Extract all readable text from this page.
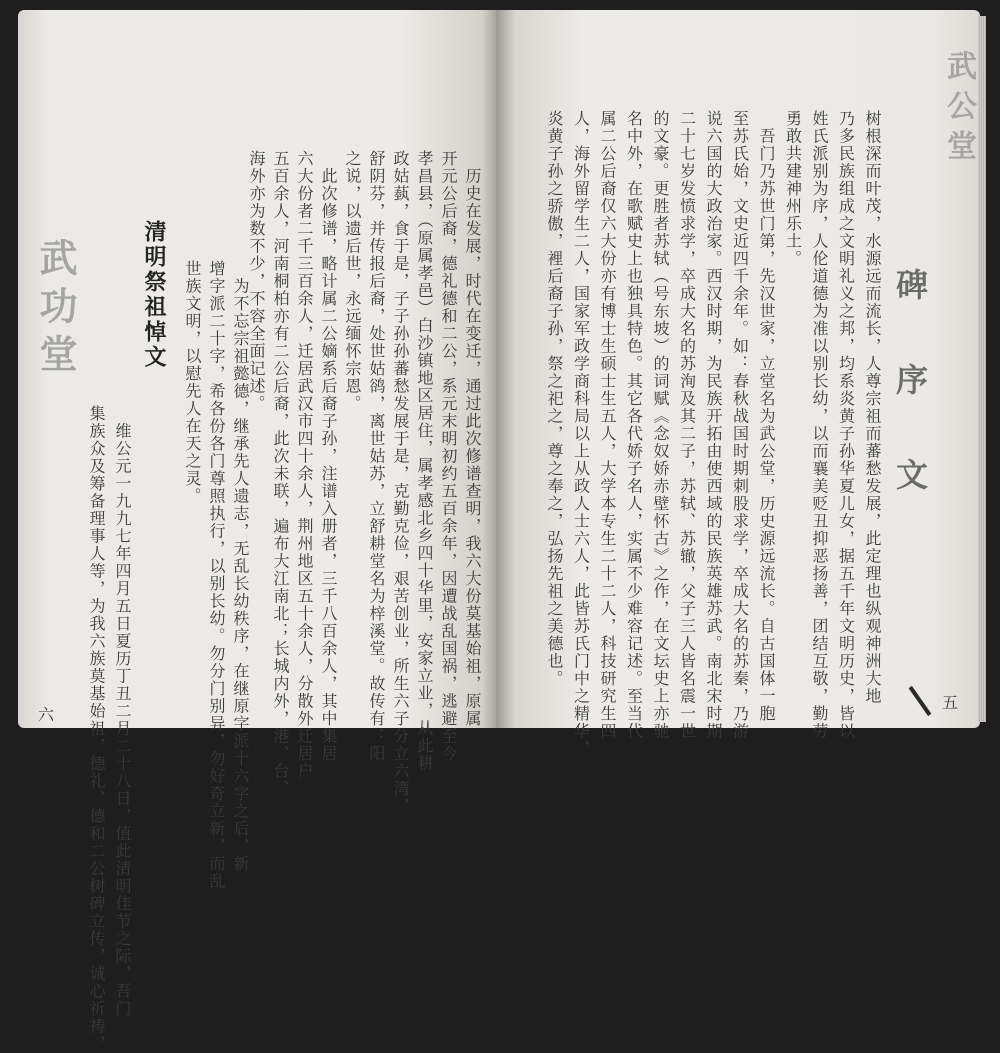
武功堂	　历史在发展，时代在变迁，通过此次修谱查明，我六大份莫基始祖，原属
开元公后裔，德礼德和二公，系元末明初约五百余年，因遭战乱国祸，逃避至今
孝昌县，（原属孝邑）白沙镇地区居住，属孝感北乡四十华里，安家立业，从此耕
政姑蓺，食于是，子子孙孙蕃愁发展于是，克勤克俭，艰苦创业，所生六子分立六湾，
舒阴芬，并传报后裔，处世姑鹆，离世姑苏，立舒耕堂名为梓溪堂。故传有：阳
之说，以遗后世，永远缅怀宗恩。
　此次修谱，略计属二公嫡系后裔子孙，注谱入册者，三千八百余人，其中集居
六大份者二千三百余人，迁居武汉市四十余人，荆州地区五十余人，分散外迁居户
五百余人，河南桐柏亦有二公后裔，此次未联，遍布大江南北；长城内外，港、台、
海外亦为数不少，不容全面记述。
　为不忘宗祖懿德，继承先人遗志，无乱长幼秩序，在继原字派十六字之后，新
增字派二十字，希各份各门尊照执行，以别长幼。勿分门别异，勿好奇立新，而乱
世族文明，以慰先人在天之灵。
清明祭祖悼文
　维公元一九九七年四月五日夏历丁丑二月二十八日，值此清明佳节之际，吾门
集族众及筹备理事人等，为我六族莫基始祖，德礼、德和二公树碑立传，诚心祈祷，
六
武公堂
碑
序
文
树根深而叶茂，水源远而流长，人尊宗祖而蕃愁发展，此定理也纵观神洲大地
乃多民族组成之文明礼义之邦，均系炎黄子孙华夏儿女，据五千年文明历史，皆以
姓氏派别为序，人伦道德为准以别长幼，以而襄美贬丑抑恶扬善，团结互敬，勤劳
勇敢共建神州乐土。
　吾门乃苏世门第，先汉世家，立堂名为武公堂，历史源远流长。自古国体一胞
至苏氏始，文史近四千余年。如：春秋战国时期刺股求学，卒成大名的苏秦，乃游
说六国的大政治家。西汉时期，为民族开拓由使西域的民族英雄苏武。南北宋时期
二十七岁发愤求学，卒成大名的苏洵及其二子，苏轼、苏辙，父子三人皆名震一世
的文豪。更胜者苏轼（号东坡）的词赋《念奴娇赤壁怀古》之作，在文坛史上亦驰
名中外，在歌赋史上也独具特色。其它各代娇子名人，实属不少难容记述。至当代
属二公后裔仅六大份亦有博士生硕士生五人，大学本专生二十二人，科技研究生四
人，海外留学生二人，国家军政学商科局以上从政人士六人，此皆苏氏门中之精华，
炎黄子孙之骄傲，裡后裔子孙，祭之祀之，尊之奉之，弘扬先祖之美德也。
五
